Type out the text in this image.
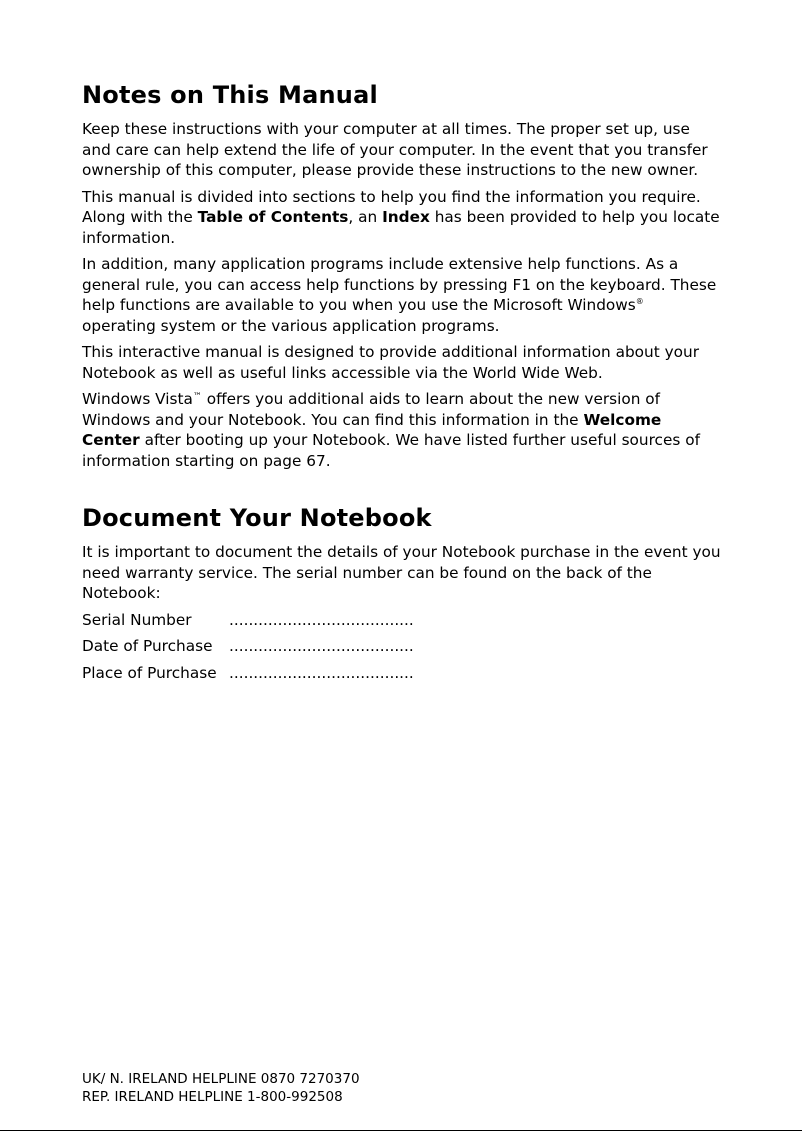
Notes on This Manual

Keep these instructions with your computer at all times. The proper set up, use and care can help extend the life of your computer. In the event that you transfer ownership of this computer, please provide these instructions to the new owner.

This manual is divided into sections to help you find the information you require. Along with the Table of Contents, an Index has been provided to help you locate information.

In addition, many application programs include extensive help functions. As a general rule, you can access help functions by pressing F1 on the keyboard. These help functions are available to you when you use the Microsoft Windows® operating system or the various application programs.

This interactive manual is designed to provide additional information about your Notebook as well as useful links accessible via the World Wide Web.

Windows Vista™ offers you additional aids to learn about the new version of Windows and your Notebook. You can find this information in the Welcome Center after booting up your Notebook. We have listed further useful sources of information starting on page 67.

Document Your Notebook

It is important to document the details of your Notebook purchase in the event you need warranty service. The serial number can be found on the back of the Notebook:

Serial Number ......................................
Date of Purchase ......................................
Place of Purchase ......................................
UK/ N. IRELAND HELPLINE 0870 7270370
REP. IRELAND HELPLINE 1-800-992508
